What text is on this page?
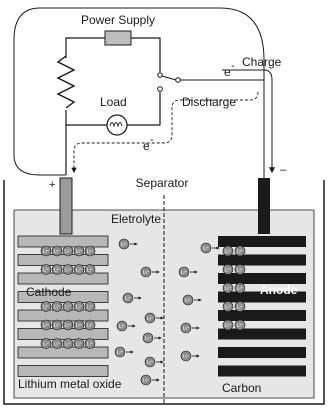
Power Supply
Charge
Discharge
Load
e -
e -
+
–
Li⁺ Li⁺ Li⁺ Li⁺ Li⁺
Li⁺ Li⁺ Li⁺ Li⁺ Li⁺
Li⁺ Li⁺ Li⁺ Li⁺ Li⁺
Li⁺ Li⁺ Li⁺ Li⁺ Li⁺
Li⁺ Li⁺ Li⁺ Li⁺ Li⁺
Li⁺ Li⁺
Li⁺ Li⁺
Li⁺ Li⁺
Li⁺ Li⁺
Li⁺ Li⁺
Li⁺
Li⁺	Li⁺
Li⁺
Li⁺
Li⁺
Li⁺
Li⁺
Li⁺
Li⁺
Li⁺
Li⁺
Li⁺
Li⁺
Separator
Eletrolyte
Cathode	Anode
Lithium metal oxide	Carbon
